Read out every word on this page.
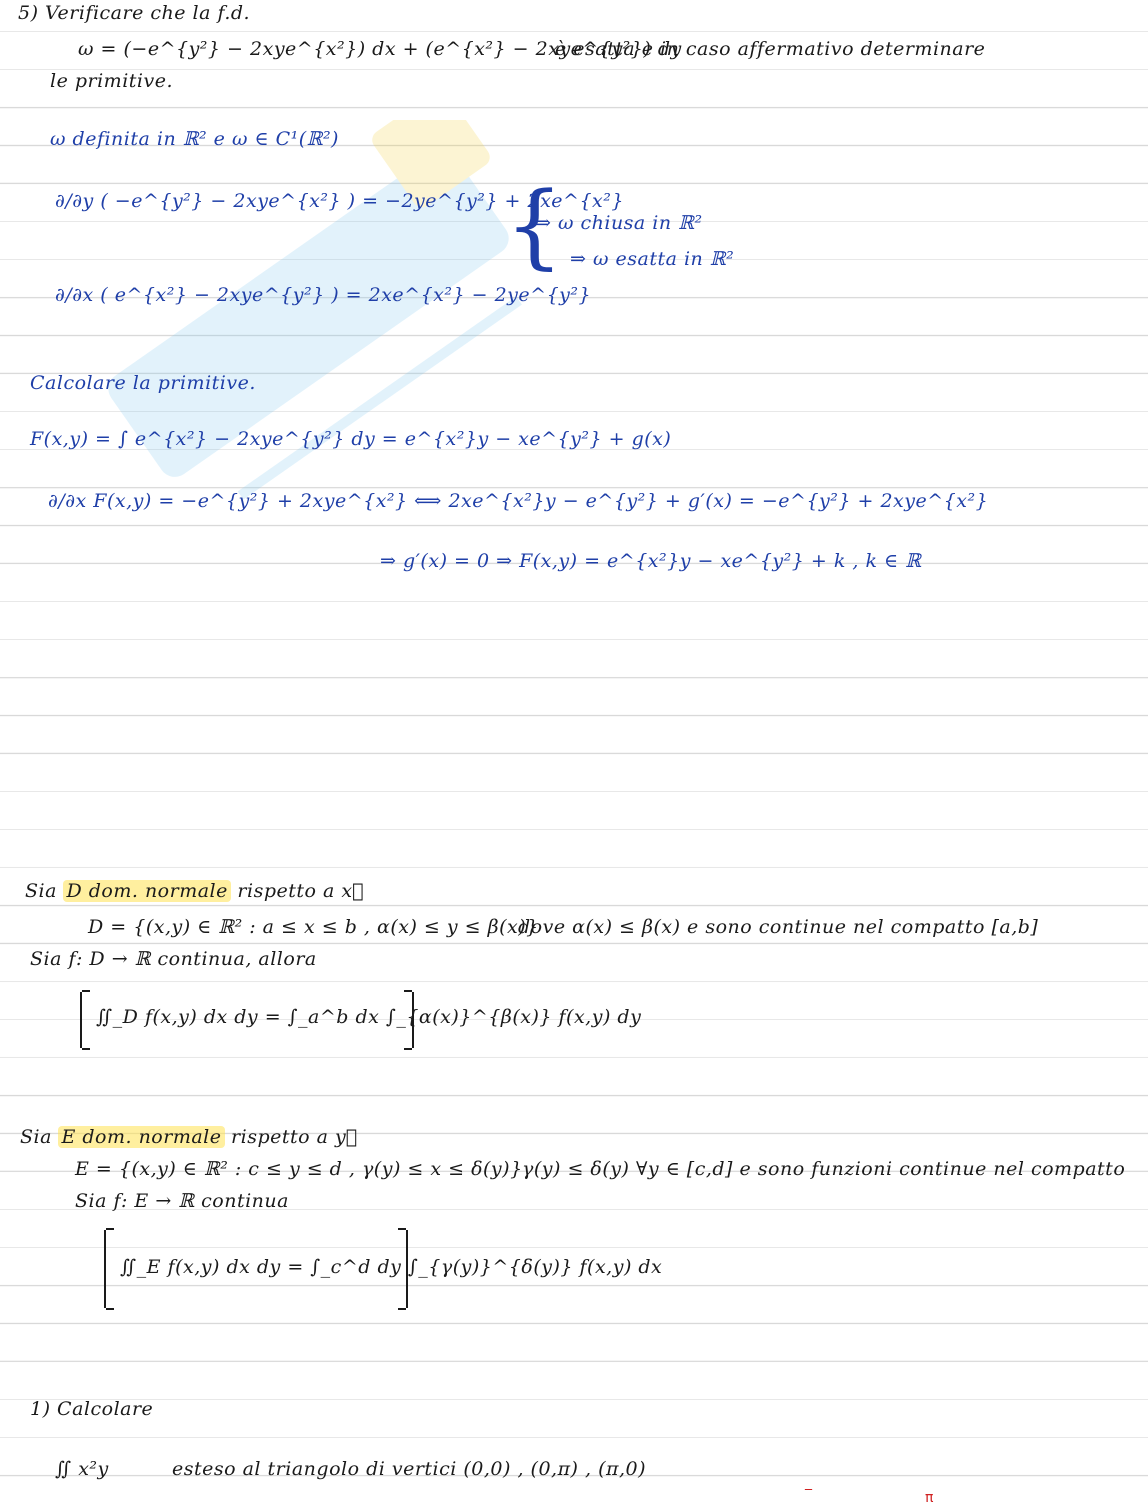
5) Verificare che la f.d.
ω = (−e^{y²} − 2xye^{x²}) dx + (e^{x²} − 2xye^{y²}) dy
è esatta e in caso affermativo determinare
le primitive.
ω definita in ℝ² e ω ∈ C¹(ℝ²)
∂/∂y ( −e^{y²} − 2xye^{x²} ) = −2ye^{y²} + 2xe^{x²}
∂/∂x ( e^{x²} − 2xye^{y²} ) = 2xe^{x²} − 2ye^{y²}
{
⇒ ω chiusa in ℝ²
⇒ ω esatta in ℝ²
Calcolare la primitive.
F(x,y) = ∫ e^{x²} − 2xye^{y²} dy = e^{x²}y − xe^{y²} + g(x)
∂/∂x F(x,y) = −e^{y²} + 2xye^{x²} ⟺ 2xe^{x²}y − e^{y²} + g′(x) = −e^{y²} + 2xye^{x²}
⇒ g′(x) = 0 ⇒ F(x,y) = e^{x²}y − xe^{y²} + k , k ∈ ℝ
Sia D dom. normale rispetto a x⃗
D = {(x,y) ∈ ℝ² : a ≤ x ≤ b , α(x) ≤ y ≤ β(x)}
dove α(x) ≤ β(x) e sono continue nel compatto [a,b]
Sia f: D → ℝ continua, allora
∬_D f(x,y) dx dy = ∫_a^b dx ∫_{α(x)}^{β(x)} f(x,y) dy
Sia E dom. normale rispetto a y⃗
E = {(x,y) ∈ ℝ² : c ≤ y ≤ d , γ(y) ≤ x ≤ δ(y)} γ(y) ≤ δ(y) ∀y ∈ [c,d] e sono funzioni continue nel compatto
Sia f: E → ℝ continua
∬_E f(x,y) dx dy = ∫_c^d dy ∫_{γ(y)}^{δ(y)} f(x,y) dx
1) Calcolare
∬ x²y	esteso al triangolo di vertici (0,0) , (0,π) , (π,0)
‾	π
